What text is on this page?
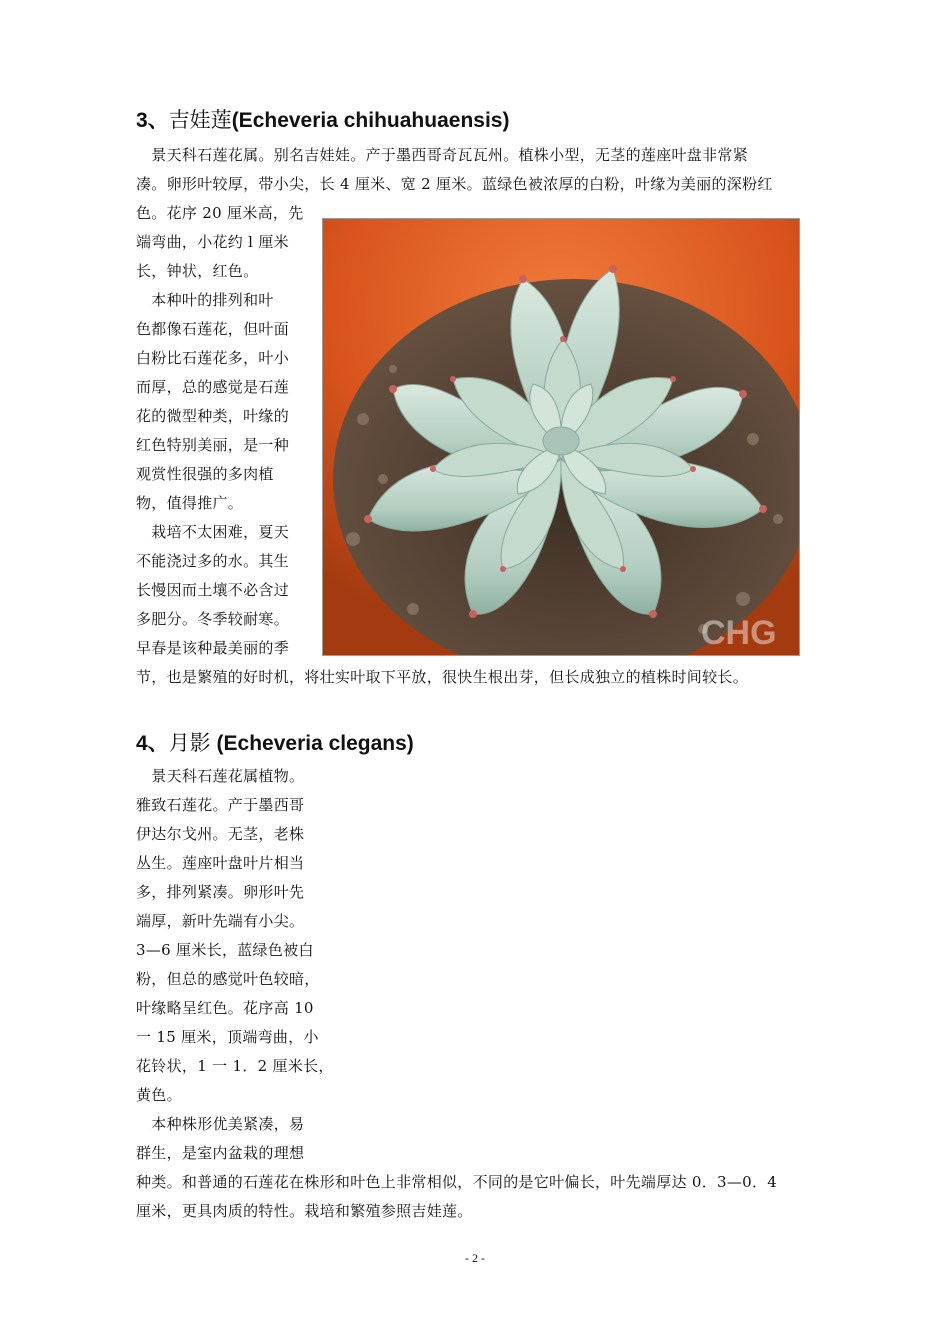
3、吉娃莲(Echeveria chihuahuaensis)
　景天科石莲花属。别名吉娃娃。产于墨西哥奇瓦瓦州。植株小型，无茎的莲座叶盘非常紧
凑。卵形叶较厚，带小尖，长 4 厘米、宽 2 厘米。蓝绿色被浓厚的白粉，叶缘为美丽的深粉红
色。花序 20 厘米高，先
端弯曲，小花约 l 厘米
长，钟状，红色。
　本种叶的排列和叶
色都像石莲花，但叶面
白粉比石莲花多，叶小
而厚，总的感觉是石莲
花的微型种类，叶缘的
红色特别美丽，是一种
观赏性很强的多肉植
物，值得推广。
　栽培不太困难，夏天
不能浇过多的水。其生
长慢因而土壤不必含过
多肥分。冬季较耐寒。
早春是该种最美丽的季
节，也是繁殖的好时机，将壮实叶取下平放，很快生根出芽，但长成独立的植株时间较长。
CHG
4、月影 (Echeveria clegans)
　景天科石莲花属植物。
雅致石莲花。产于墨西哥
伊达尔戈州。无茎，老株
丛生。莲座叶盘叶片相当
多，排列紧凑。卵形叶先
端厚，新叶先端有小尖。
3—6 厘米长，蓝绿色被白
粉，但总的感觉叶色较暗，
叶缘略呈红色。花序高 10
一 15 厘米，顶端弯曲，小
花铃状，1 一 1．2 厘米长，
黄色。
　本种株形优美紧凑，易
群生，是室内盆栽的理想
种类。和普通的石莲花在株形和叶色上非常相似，不同的是它叶偏长，叶先端厚达 0．3—0．4
厘米，更具肉质的特性。栽培和繁殖参照吉娃莲。
- 2 -
